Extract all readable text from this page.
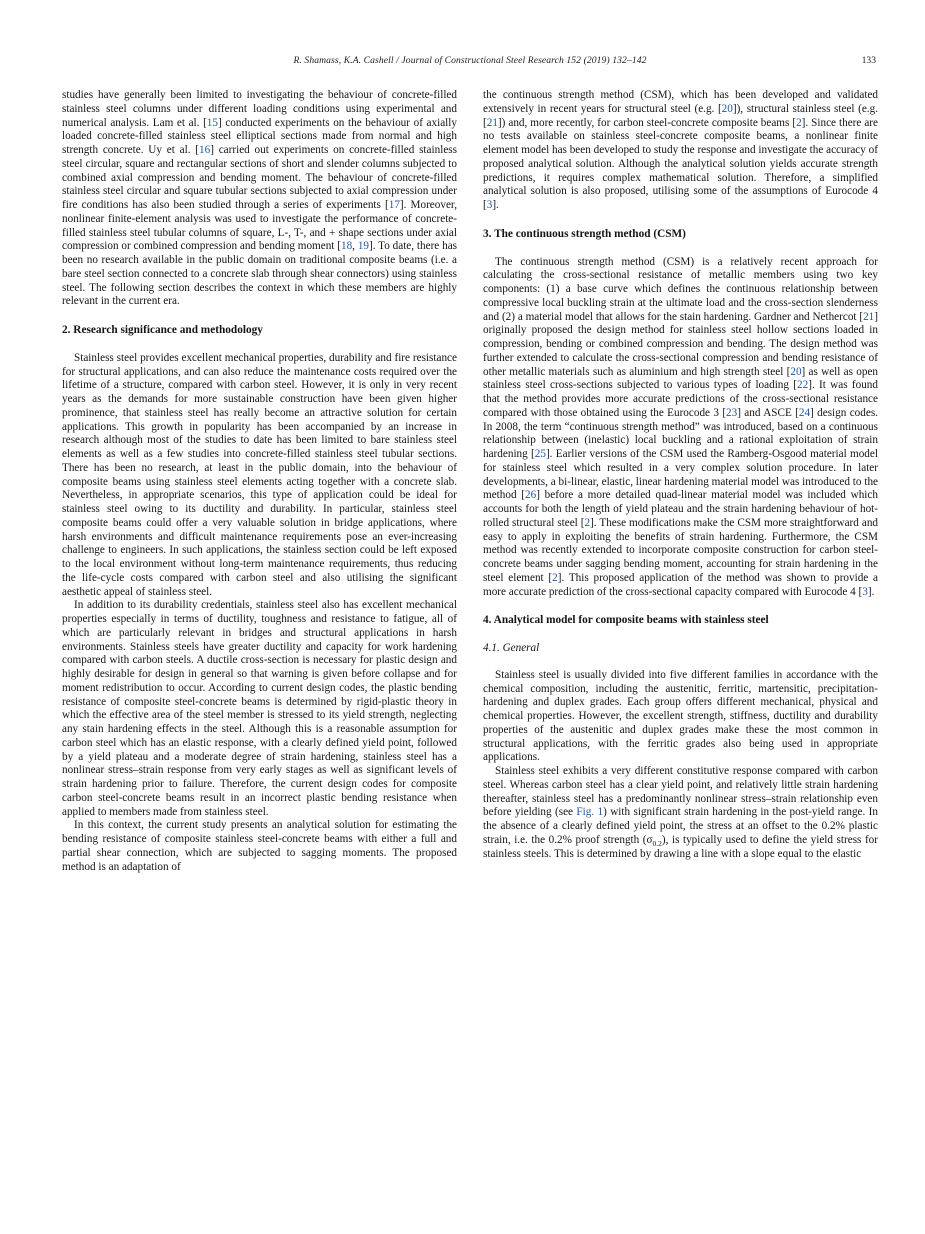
R. Shamass, K.A. Cashell / Journal of Constructional Steel Research 152 (2019) 132–142	133

studies have generally been limited to investigating the behaviour of concrete-filled stainless steel columns under different loading conditions using experimental and numerical analysis. Lam et al. [15] conducted experiments on the behaviour of axially loaded concrete-filled stainless steel elliptical sections made from normal and high strength concrete. Uy et al. [16] carried out experiments on concrete-filled stainless steel circular, square and rectangular sections of short and slender columns subjected to combined axial compression and bending moment. The behaviour of concrete-filled stainless steel circular and square tubular sections subjected to axial compression under fire conditions has also been studied through a series of experiments [17]. Moreover, nonlinear finite-element analysis was used to investigate the performance of concrete-filled stainless steel tubular columns of square, L-, T-, and + shape sections under axial compression or combined compression and bending moment [18, 19]. To date, there has been no research available in the public domain on traditional composite beams (i.e. a bare steel section connected to a concrete slab through shear connectors) using stainless steel. The following section describes the context in which these members are highly relevant in the current era.

2. Research significance and methodology

Stainless steel provides excellent mechanical properties, durability and fire resistance for structural applications, and can also reduce the maintenance costs required over the lifetime of a structure, compared with carbon steel. However, it is only in very recent years as the demands for more sustainable construction have been given higher prominence, that stainless steel has really become an attractive solution for certain applications. This growth in popularity has been accompanied by an increase in research although most of the studies to date has been limited to bare stainless steel elements as well as a few studies into concrete-filled stainless steel tubular sections. There has been no research, at least in the public domain, into the behaviour of composite beams using stainless steel elements acting together with a concrete slab. Nevertheless, in appropriate scenarios, this type of application could be ideal for stainless steel owing to its ductility and durability. In particular, stainless steel composite beams could offer a very valuable solution in bridge applications, where harsh environments and difficult maintenance requirements pose an ever-increasing challenge to engineers. In such applications, the stainless section could be left exposed to the local environment without long-term maintenance requirements, thus reducing the life-cycle costs compared with carbon steel and also utilising the significant aesthetic appeal of stainless steel.

In addition to its durability credentials, stainless steel also has excellent mechanical properties especially in terms of ductility, toughness and resistance to fatigue, all of which are particularly relevant in bridges and structural applications in harsh environments. Stainless steels have greater ductility and capacity for work hardening compared with carbon steels. A ductile cross-section is necessary for plastic design and highly desirable for design in general so that warning is given before collapse and for moment redistribution to occur. According to current design codes, the plastic bending resistance of composite steel-concrete beams is determined by rigid-plastic theory in which the effective area of the steel member is stressed to its yield strength, neglecting any stain hardening effects in the steel. Although this is a reasonable assumption for carbon steel which has an elastic response, with a clearly defined yield point, followed by a yield plateau and a moderate degree of strain hardening, stainless steel has a nonlinear stress–strain response from very early stages as well as significant levels of strain hardening prior to failure. Therefore, the current design codes for composite carbon steel-concrete beams result in an incorrect plastic bending resistance when applied to members made from stainless steel.

In this context, the current study presents an analytical solution for estimating the bending resistance of composite stainless steel-concrete beams with either a full and partial shear connection, which are subjected to sagging moments. The proposed method is an adaptation of

the continuous strength method (CSM), which has been developed and validated extensively in recent years for structural steel (e.g. [20]), structural stainless steel (e.g. [21]) and, more recently, for carbon steel-concrete composite beams [2]. Since there are no tests available on stainless steel-concrete composite beams, a nonlinear finite element model has been developed to study the response and investigate the accuracy of proposed analytical solution. Although the analytical solution yields accurate strength predictions, it requires complex mathematical solution. Therefore, a simplified analytical solution is also proposed, utilising some of the assumptions of Eurocode 4 [3].

3. The continuous strength method (CSM)

The continuous strength method (CSM) is a relatively recent approach for calculating the cross-sectional resistance of metallic members using two key components: (1) a base curve which defines the continuous relationship between compressive local buckling strain at the ultimate load and the cross-section slenderness and (2) a material model that allows for the stain hardening. Gardner and Nethercot [21] originally proposed the design method for stainless steel hollow sections loaded in compression, bending or combined compression and bending. The design method was further extended to calculate the cross-sectional compression and bending resistance of other metallic materials such as aluminium and high strength steel [20] as well as open stainless steel cross-sections subjected to various types of loading [22]. It was found that the method provides more accurate predictions of the cross-sectional resistance compared with those obtained using the Eurocode 3 [23] and ASCE [24] design codes. In 2008, the term “continuous strength method” was introduced, based on a continuous relationship between (inelastic) local buckling and a rational exploitation of strain hardening [25]. Earlier versions of the CSM used the Ramberg-Osgood material model for stainless steel which resulted in a very complex solution procedure. In later developments, a bi-linear, elastic, linear hardening material model was introduced to the method [26] before a more detailed quad-linear material model was included which accounts for both the length of yield plateau and the strain hardening behaviour of hot-rolled structural steel [2]. These modifications make the CSM more straightforward and easy to apply in exploiting the benefits of strain hardening. Furthermore, the CSM method was recently extended to incorporate composite construction for carbon steel-concrete beams under sagging bending moment, accounting for strain hardening in the steel element [2]. This proposed application of the method was shown to provide a more accurate prediction of the cross-sectional capacity compared with Eurocode 4 [3].

4. Analytical model for composite beams with stainless steel
4.1. General

Stainless steel is usually divided into five different families in accordance with the chemical composition, including the austenitic, ferritic, martensitic, precipitation-hardening and duplex grades. Each group offers different mechanical, physical and chemical properties. However, the excellent strength, stiffness, ductility and durability properties of the austenitic and duplex grades make these the most common in structural applications, with the ferritic grades also being used in appropriate applications.

Stainless steel exhibits a very different constitutive response compared with carbon steel. Whereas carbon steel has a clear yield point, and relatively little strain hardening thereafter, stainless steel has a predominantly nonlinear stress–strain relationship even before yielding (see Fig. 1) with significant strain hardening in the post-yield range. In the absence of a clearly defined yield point, the stress at an offset to the 0.2% plastic strain, i.e. the 0.2% proof strength $(\sigma_{0.2})$, is typically used to define the yield stress for stainless steels. This is determined by drawing a line with a slope equal to the elastic
